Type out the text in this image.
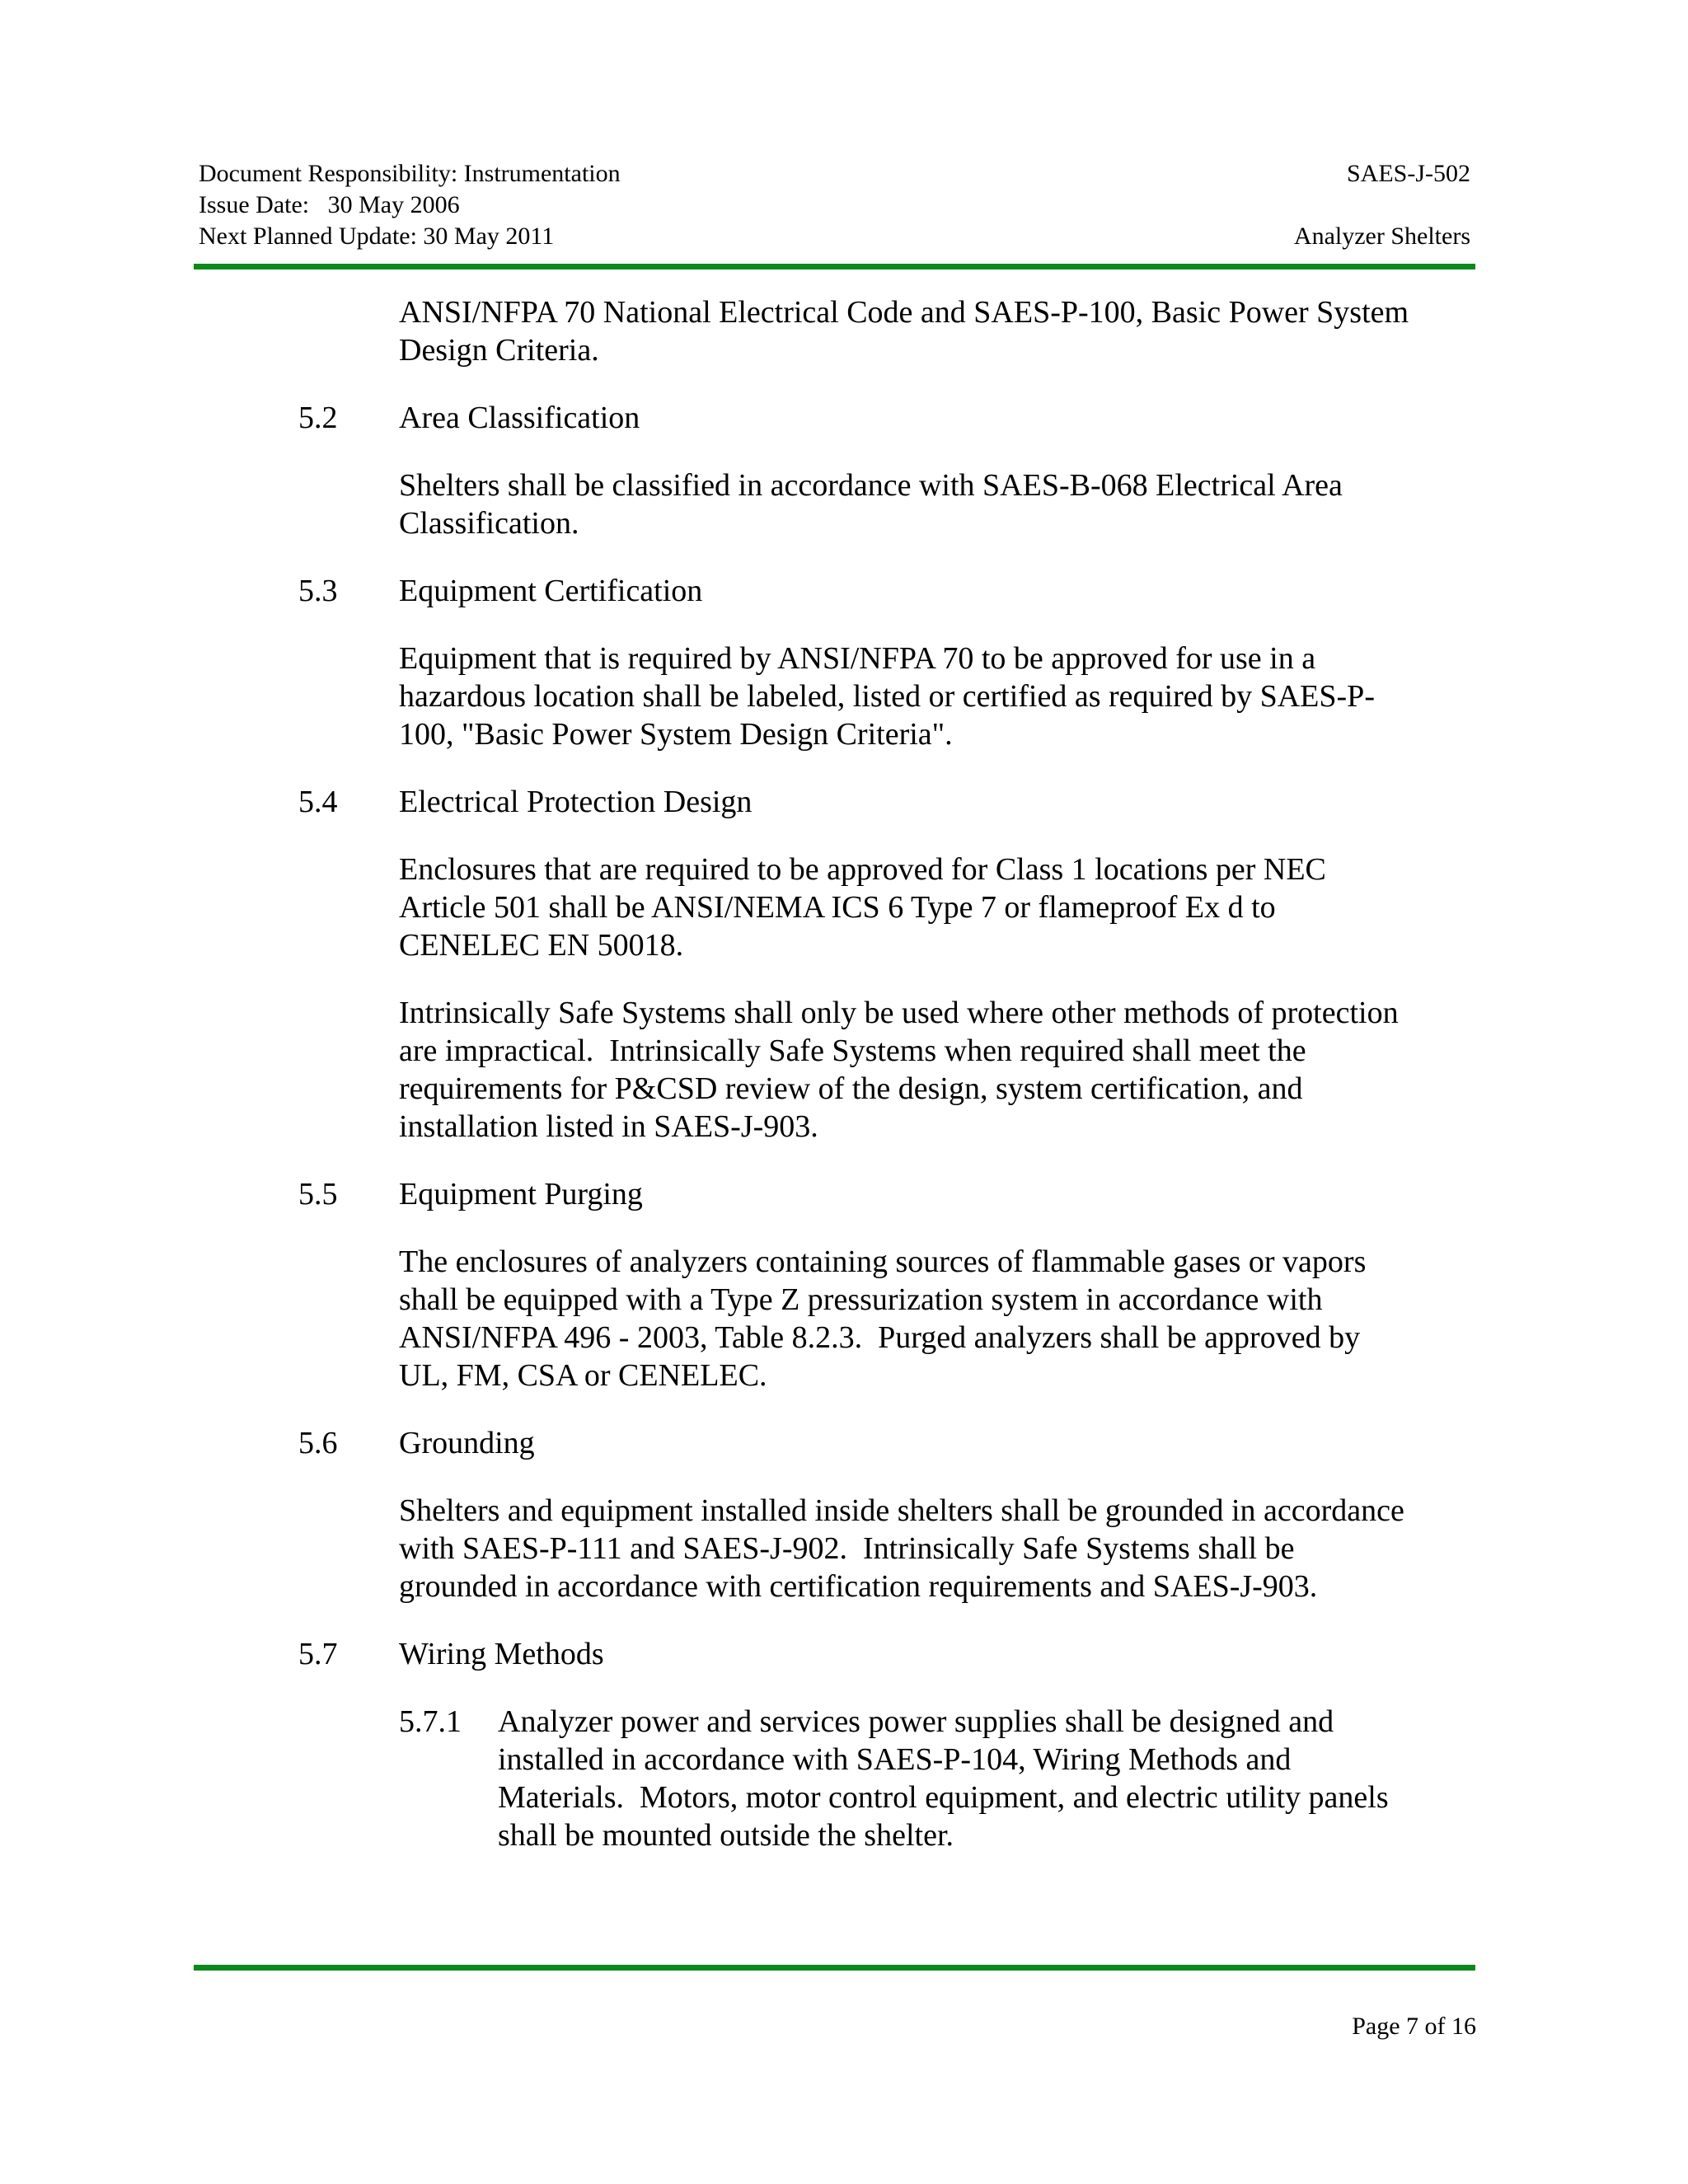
Document Responsibility: Instrumentation	SAES-J-502
Issue Date:   30 May 2006
Next Planned Update: 30 May 2011	Analyzer Shelters
ANSI/NFPA 70 National Electrical Code and SAES-P-100, Basic Power System
Design Criteria.
5.2	Area Classification
Shelters shall be classified in accordance with SAES-B-068 Electrical Area
Classification.
5.3	Equipment Certification
Equipment that is required by ANSI/NFPA 70 to be approved for use in a
hazardous location shall be labeled, listed or certified as required by SAES-P-
100, "Basic Power System Design Criteria".
5.4	Electrical Protection Design
Enclosures that are required to be approved for Class 1 locations per NEC
Article 501 shall be ANSI/NEMA ICS 6 Type 7 or flameproof Ex d to
CENELEC EN 50018.
Intrinsically Safe Systems shall only be used where other methods of protection
are impractical.  Intrinsically Safe Systems when required shall meet the
requirements for P&CSD review of the design, system certification, and
installation listed in SAES-J-903.
5.5	Equipment Purging
The enclosures of analyzers containing sources of flammable gases or vapors
shall be equipped with a Type Z pressurization system in accordance with
ANSI/NFPA 496 - 2003, Table 8.2.3.  Purged analyzers shall be approved by
UL, FM, CSA or CENELEC.
5.6	Grounding
Shelters and equipment installed inside shelters shall be grounded in accordance
with SAES-P-111 and SAES-J-902.  Intrinsically Safe Systems shall be
grounded in accordance with certification requirements and SAES-J-903.
5.7	Wiring Methods
5.7.1	Analyzer power and services power supplies shall be designed and
installed in accordance with SAES-P-104, Wiring Methods and
Materials.  Motors, motor control equipment, and electric utility panels
shall be mounted outside the shelter.
Page 7 of 16
